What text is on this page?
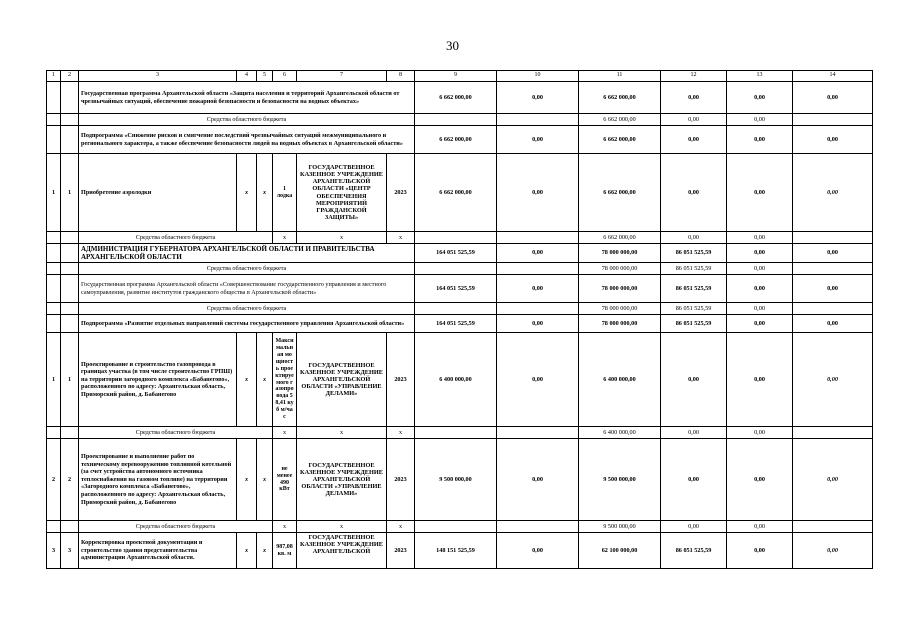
30
1	2	3	4	5	6	7	8	9	10	11	12	13	14
		Государственная программа Архангельской области «Защита населения и территорий Архангельской области от чрезвычайных ситуаций, обеспечение пожарной безопасности и безопасности на водных объектах»						6 662 000,00	0,00	6 662 000,00	0,00	0,00	0,00
		Средства областного бюджета								6 662 000,00	0,00	0,00	
		Подпрограмма «Снижение рисков и смягчение последствий чрезвычайных ситуаций межмуниципального и регионального характера, а также обеспечение безопасности людей на водных объектах в Архангельской области»						6 662 000,00	0,00	6 662 000,00	0,00	0,00	0,00
1	1	Приобретение аэролодки	х	х	1 лодка	ГОСУДАРСТВЕННОЕ КАЗЕННОЕ УЧРЕЖДЕНИЕ АРХАНГЕЛЬСКОЙ ОБЛАСТИ «ЦЕНТР ОБЕСПЕЧЕНИЯ МЕРОПРИЯТИЙ ГРАЖДАНСКОЙ ЗАЩИТЫ»	2023	6 662 000,00	0,00	6 662 000,00	0,00	0,00	0,00
		Средства областного бюджета			х	х	х			6 662 000,00	0,00	0,00	
		АДМИНИСТРАЦИЯ ГУБЕРНАТОРА АРХАНГЕЛЬСКОЙ ОБЛАСТИ И ПРАВИТЕЛЬСТВА АРХАНГЕЛЬСКОЙ ОБЛАСТИ						164 051 525,59	0,00	78 000 000,00	86 051 525,59	0,00	0,00
		Средства областного бюджета								78 000 000,00	86 051 525,59	0,00	
		Государственная программа Архангельской области «Совершенствование государственного управления и местного самоуправления, развитие институтов гражданского общества в Архангельской области»						164 051 525,59	0,00	78 000 000,00	86 051 525,59	0,00	0,00
		Средства областного бюджета								78 000 000,00	86 051 525,59	0,00	
		Подпрограмма «Развитие отдельных направлений системы государственного управления Архангельской области»						164 051 525,59	0,00	78 000 000,00	86 051 525,59	0,00	0,00
1	1	Проектирование и строительство газопровода в границах участка (в том числе строительство ГРПШ) на территории загородного комплекса «Бабанегово», расположенного по адресу: Архангельская область, Приморский район, д. Бабанегово	х	х	Максимальная мощность проектируемого газопровода 58,41 куб м/час	ГОСУДАРСТВЕННОЕ КАЗЕННОЕ УЧРЕЖДЕНИЕ АРХАНГЕЛЬСКОЙ ОБЛАСТИ «УПРАВЛЕНИЕ ДЕЛАМИ»	2023	6 400 000,00	0,00	6 400 000,00	0,00	0,00	0,00
		Средства областного бюджета			х	х	х			6 400 000,00	0,00	0,00	
2	2	Проектирование и выполнение работ по техническому перевооружению топливной котельной (за счет устройства автономного источника теплоснабжения на газовом топливе) на территории «Загородного комплекса «Бабанегово», расположенного по адресу: Архангельская область, Приморский район, д. Бабанегово	х	х	не менее 490 кВт	ГОСУДАРСТВЕННОЕ КАЗЕННОЕ УЧРЕЖДЕНИЕ АРХАНГЕЛЬСКОЙ ОБЛАСТИ «УПРАВЛЕНИЕ ДЕЛАМИ»	2023	9 500 000,00	0,00	9 500 000,00	0,00	0,00	0,00
		Средства областного бюджета			х	х	х			9 500 000,00	0,00	0,00	
3	3	Корректировка проектной документации и строительство здания представительства администрации Архангельской области.	х	х	987,08 кв. м	ГОСУДАРСТВЕННОЕ КАЗЕННОЕ УЧРЕЖДЕНИЕ АРХАНГЕЛЬСКОЙ	2023	148 151 525,59	0,00	62 100 000,00	86 051 525,59	0,00	0,00
